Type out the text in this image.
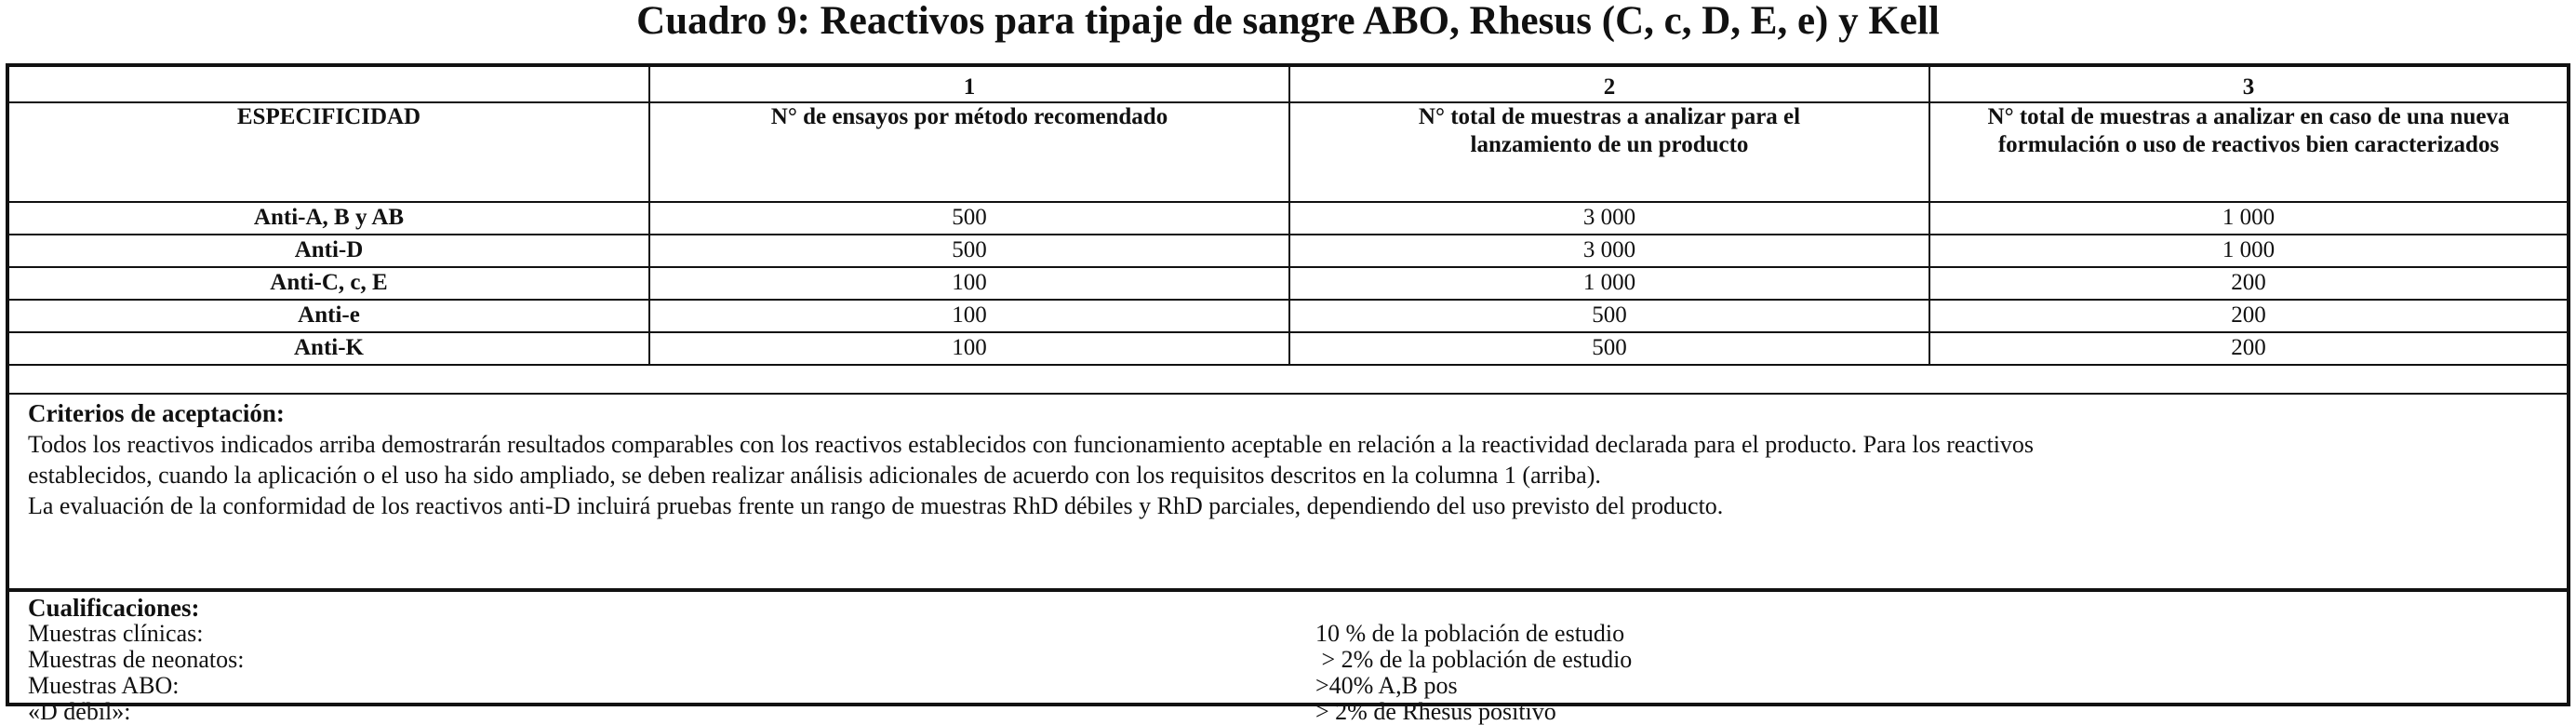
Cuadro 9: Reactivos para tipaje de sangre ABO, Rhesus (C, c, D, E, e) y Kell
	1	2	3
ESPECIFICIDAD	N° de ensayos por método recomendado	N° total de muestras a analizar para el lanzamiento de un producto	N° total de muestras a analizar en caso de una nueva formulación o uso de reactivos bien caracterizados
Anti-A, B y AB	500	3 000	1 000
Anti-D	500	3 000	1 000
Anti-C, c, E	100	1 000	200
Anti-e	100	500	200
Anti-K	100	500	200
Criterios de aceptación:
Todos los reactivos indicados arriba demostrarán resultados comparables con los reactivos establecidos con funcionamiento aceptable en relación a la reactividad declarada para el producto. Para los reactivos
establecidos, cuando la aplicación o el uso ha sido ampliado, se deben realizar análisis adicionales de acuerdo con los requisitos descritos en la columna 1 (arriba).
La evaluación de la conformidad de los reactivos anti-D incluirá pruebas frente un rango de muestras RhD débiles y RhD parciales, dependiendo del uso previsto del producto.
Cualificaciones:
Muestras clínicas:	10 % de la población de estudio
Muestras de neonatos:	> 2% de la población de estudio
Muestras ABO:	>40% A,B pos
«D débil»:	> 2% de Rhesus positivo
